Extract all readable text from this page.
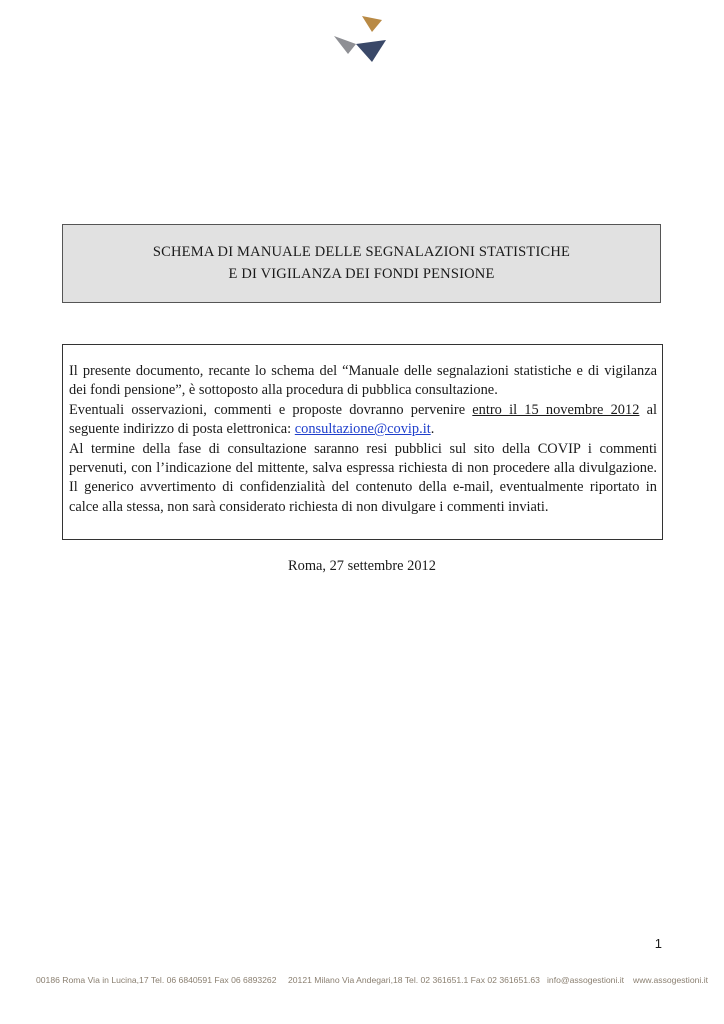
SCHEMA DI MANUALE DELLE SEGNALAZIONI STATISTICHE
E DI VIGILANZA DEI FONDI PENSIONE

Il presente documento, recante lo schema del “Manuale delle segnalazioni statistiche e di vigilanza dei fondi pensione”, è sottoposto alla procedura di pubblica consultazione.

Eventuali osservazioni, commenti e proposte dovranno pervenire entro il 15 novembre 2012 al seguente indirizzo di posta elettronica: consultazione@covip.it.

Al termine della fase di consultazione saranno resi pubblici sul sito della COVIP i commenti pervenuti, con l’indicazione del mittente, salva espressa richiesta di non procedere alla divulgazione. Il generico avvertimento di confidenzialità del contenuto della e-mail, eventualmente riportato in calce alla stessa, non sarà considerato richiesta di non divulgare i commenti inviati.

Roma, 27 settembre 2012
1
00186 Roma Via in Lucina,17 Tel. 06 6840591 Fax 06 6893262 20121 Milano Via Andegari,18 Tel. 02 361651.1 Fax 02 361651.63 info@assogestioni.it www.assogestioni.it
